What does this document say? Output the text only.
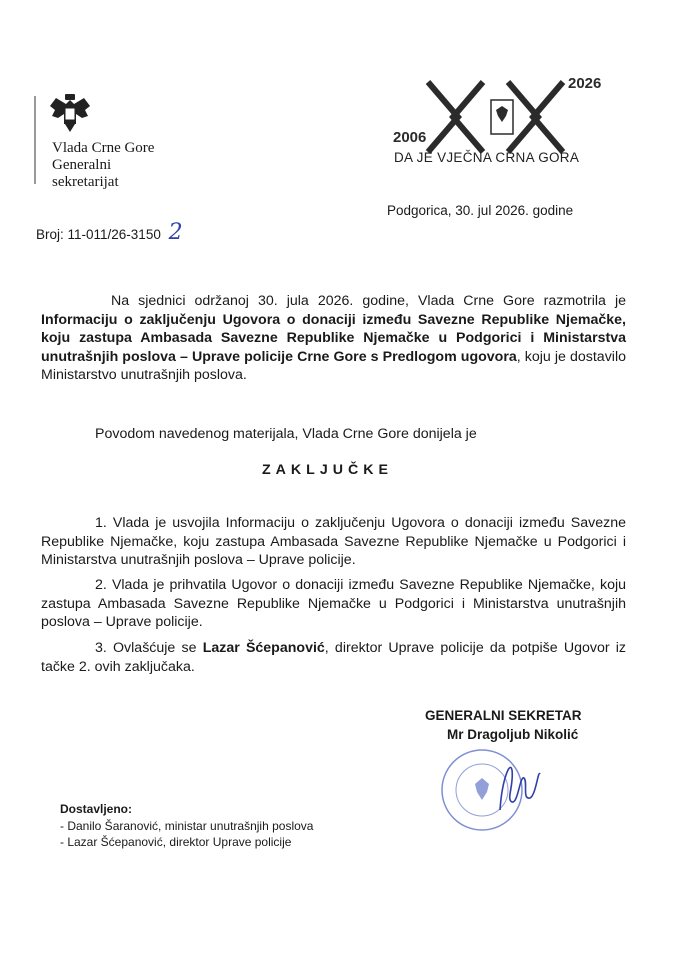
Vlada Crne Gore
Generalni
sekretarijat
2006
2026
DA JE VJEČNA CRNA GORA
Broj: 11-011/26-3150 2
Podgorica, 30. jul 2026. godine
Na sjednici održanoj 30. jula 2026. godine, Vlada Crne Gore razmotrila je Informaciju o zaključenju Ugovora o donaciji između Savezne Republike Njemačke, koju zastupa Ambasada Savezne Republike Njemačke u Podgorici i Ministarstva unutrašnjih poslova – Uprave policije Crne Gore s Predlogom ugovora, koju je dostavilo Ministarstvo unutrašnjih poslova.
Povodom navedenog materijala, Vlada Crne Gore donijela je
ZAKLJUČKE
1. Vlada je usvojila Informaciju o zaključenju Ugovora o donaciji između Savezne Republike Njemačke, koju zastupa Ambasada Savezne Republike Njemačke u Podgorici i Ministarstva unutrašnjih poslova – Uprave policije.
2. Vlada je prihvatila Ugovor o donaciji između Savezne Republike Njemačke, koju zastupa Ambasada Savezne Republike Njemačke u Podgorici i Ministarstva unutrašnjih poslova – Uprave policije.
3. Ovlašćuje se Lazar Šćepanović, direktor Uprave policije da potpiše Ugovor iz tačke 2. ovih zaključaka.
GENERALNI SEKRETAR
Mr Dragoljub Nikolić
Dostavljeno:
- Danilo Šaranović, ministar unutrašnjih poslova
- Lazar Šćepanović, direktor Uprave policije
